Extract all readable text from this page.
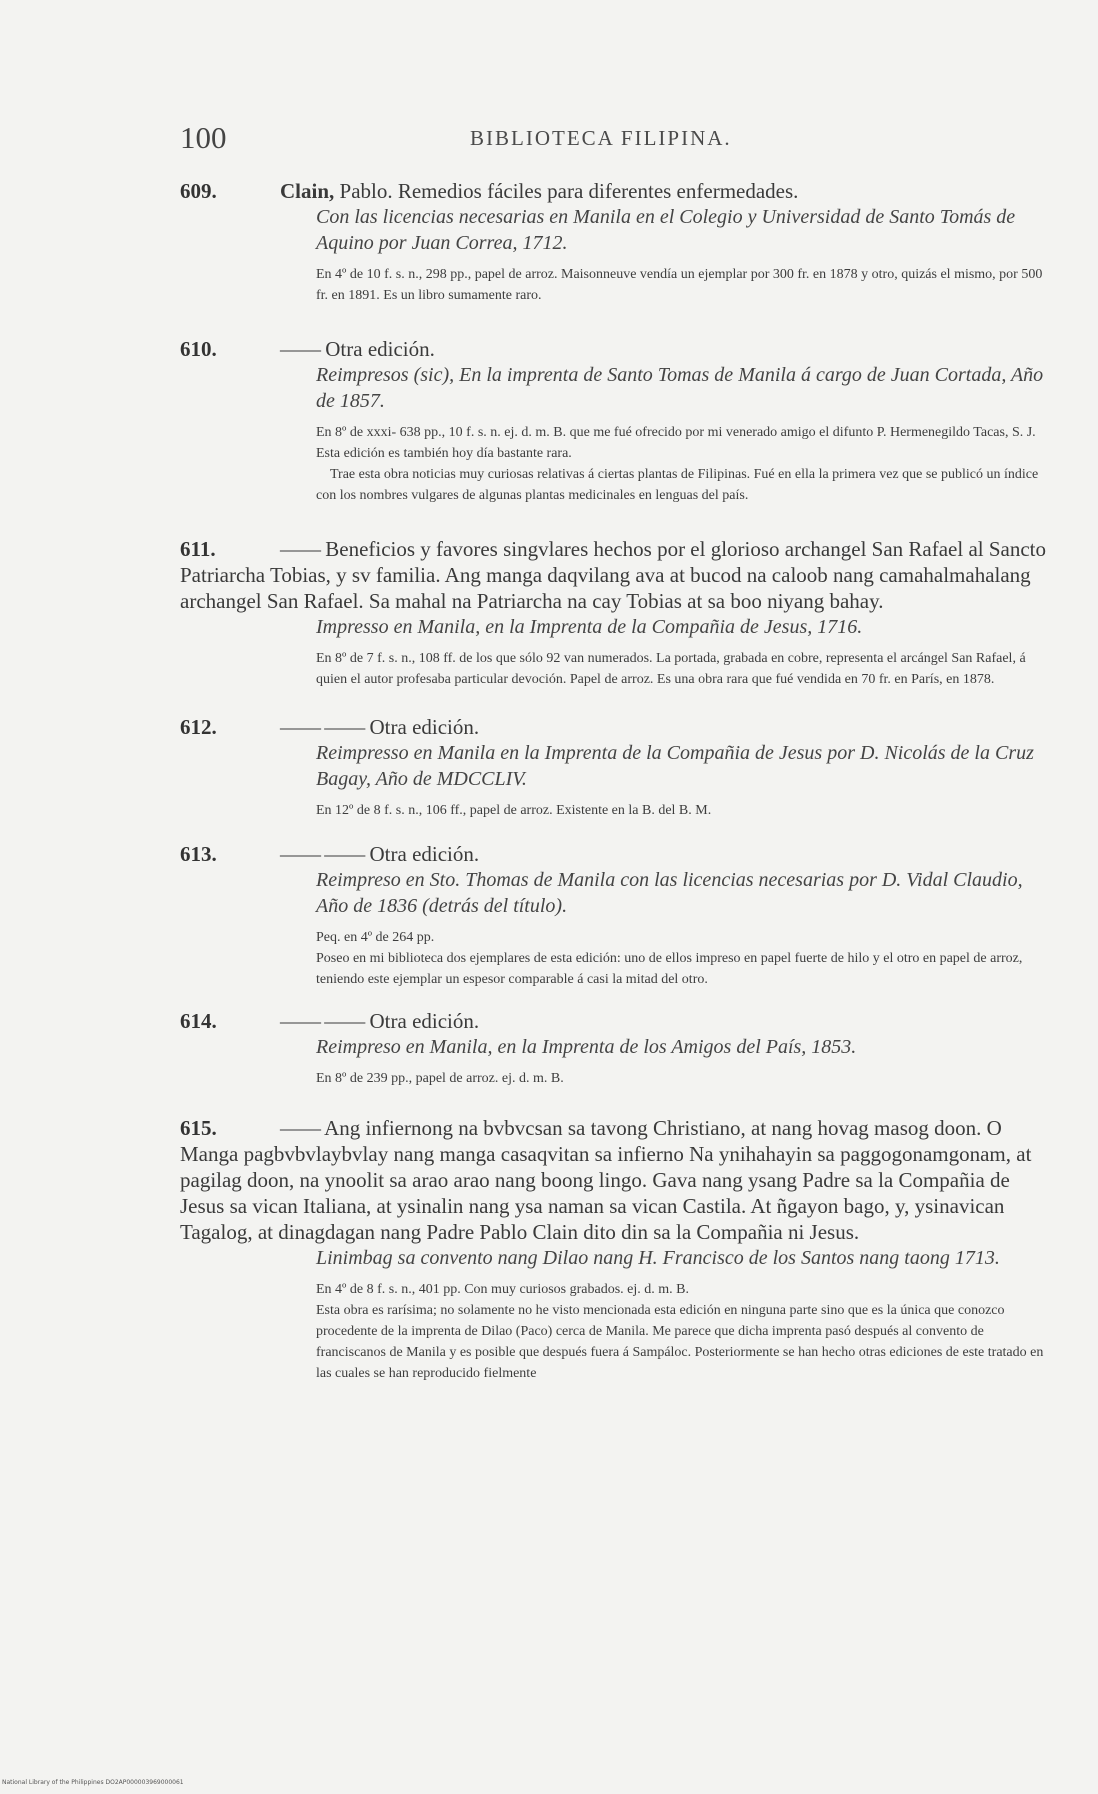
100	BIBLIOTECA FILIPINA.
609.	Clain, Pablo. Remedios fáciles para diferentes enfermedades.
Con las licencias necesarias en Manila en el Colegio y Universidad de Santo Tomás de Aquino por Juan Correa, 1712.

En 4º de 10 f. s. n., 298 pp., papel de arroz. Maisonneuve vendía un ejemplar por 300 fr. en 1878 y otro, quizás el mismo, por 500 fr. en 1891. Es un libro sumamente raro.

610.	—— Otra edición.
Reimpresos (sic), En la imprenta de Santo Tomas de Manila á cargo de Juan Cortada, Año de 1857.

En 8º de xxxi- 638 pp., 10 f. s. n. ej. d. m. B. que me fué ofrecido por mi venerado amigo el difunto P. Hermenegildo Tacas, S. J. Esta edición es también hoy día bastante rara.

Trae esta obra noticias muy curiosas relativas á ciertas plantas de Filipinas. Fué en ella la primera vez que se publicó un índice con los nombres vulgares de algunas plantas medicinales en lenguas del país.

611.	—— Beneficios y favores singvlares hechos por el glorioso archangel San Rafael al Sancto Patriarcha Tobias, y sv familia. Ang manga daqvilang ava at bucod na caloob nang camahalmahalang archangel San Rafael. Sa mahal na Patriarcha na cay Tobias at sa boo niyang bahay.
Impresso en Manila, en la Imprenta de la Compañia de Jesus, 1716.

En 8º de 7 f. s. n., 108 ff. de los que sólo 92 van numerados. La portada, grabada en cobre, representa el arcángel San Rafael, á quien el autor profesaba particular devoción. Papel de arroz. Es una obra rara que fué vendida en 70 fr. en París, en 1878.

612.	—— —— Otra edición.
Reimpresso en Manila en la Imprenta de la Compañia de Jesus por D. Nicolás de la Cruz Bagay, Año de MDCCLIV.

En 12º de 8 f. s. n., 106 ff., papel de arroz. Existente en la B. del B. M.

613.	—— —— Otra edición.
Reimpreso en Sto. Thomas de Manila con las licencias necesarias por D. Vidal Claudio, Año de 1836 (detrás del título).

Peq. en 4º de 264 pp.

Poseo en mi biblioteca dos ejemplares de esta edición: uno de ellos impreso en papel fuerte de hilo y el otro en papel de arroz, teniendo este ejemplar un espesor comparable á casi la mitad del otro.

614.	—— —— Otra edición.
Reimpreso en Manila, en la Imprenta de los Amigos del País, 1853.

En 8º de 239 pp., papel de arroz. ej. d. m. B.

615.	—— Ang infiernong na bvbvcsan sa tavong Christiano, at nang hovag masog doon. O Manga pagbvbvlaybvlay nang manga casaqvitan sa infierno Na ynihahayin sa paggogonamgonam, at pagilag doon, na ynoolit sa arao arao nang boong lingo. Gava nang ysang Padre sa la Compañia de Jesus sa vican Italiana, at ysinalin nang ysa naman sa vican Castila. At ñgayon bago, y, ysinavican Tagalog, at dinagdagan nang Padre Pablo Clain dito din sa la Compañia ni Jesus.
Linimbag sa convento nang Dilao nang H. Francisco de los Santos nang taong 1713.

En 4º de 8 f. s. n., 401 pp. Con muy curiosos grabados. ej. d. m. B.

Esta obra es rarísima; no solamente no he visto mencionada esta edición en ninguna parte sino que es la única que conozco procedente de la imprenta de Dilao (Paco) cerca de Manila. Me parece que dicha imprenta pasó después al convento de franciscanos de Manila y es posible que después fuera á Sampáloc. Posteriormente se han hecho otras ediciones de este tratado en las cuales se han reproducido fielmente

National Library of the Philippines DO2AP000003969000061
